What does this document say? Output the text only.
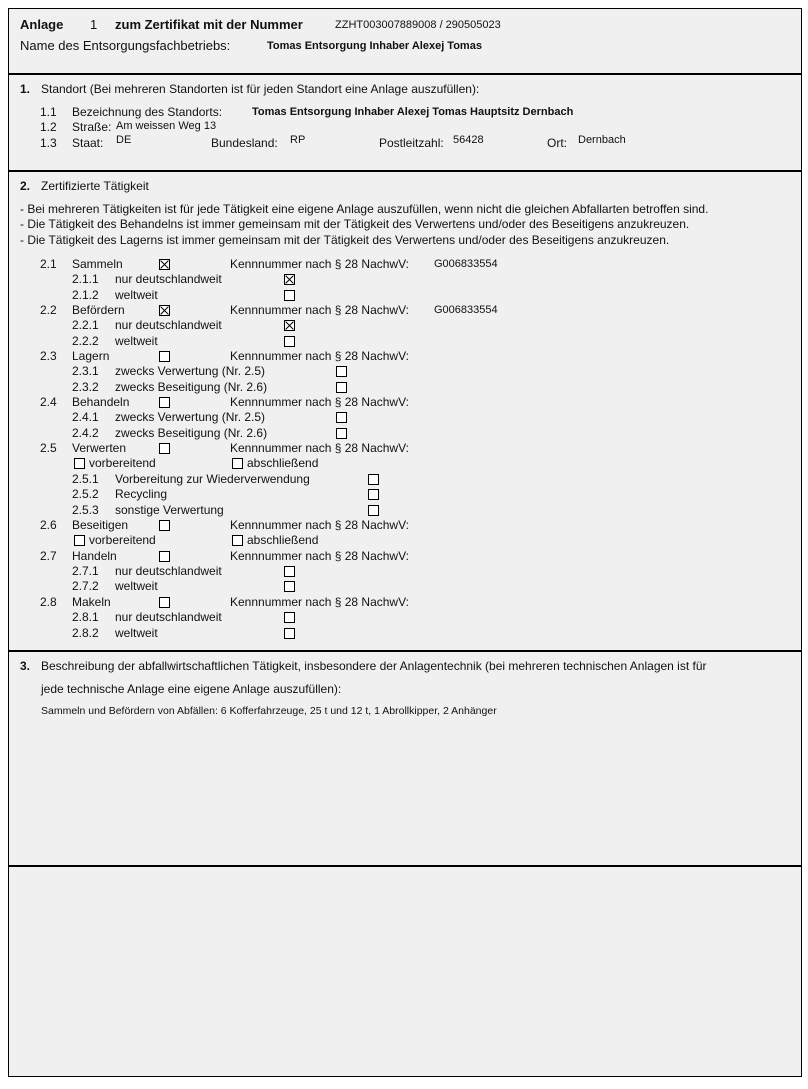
Anlage 1 zum Zertifikat mit der Nummer	ZZHT003007889008 / 290505023
Name des Entsorgungsfachbetriebs:	Tomas Entsorgung Inhaber Alexej Tomas
1. Standort (Bei mehreren Standorten ist für jeden Standort eine Anlage auszufüllen):
1.1 Bezeichnung des Standorts:	Tomas Entsorgung Inhaber Alexej Tomas Hauptsitz Dernbach
1.2 Straße: Am weissen Weg 13
1.3 Staat: DE	Bundesland: RP	Postleitzahl: 56428	Ort: Dernbach
2. Zertifizierte Tätigkeit
- Bei mehreren Tätigkeiten ist für jede Tätigkeit eine eigene Anlage auszufüllen, wenn nicht die gleichen Abfallarten betroffen sind.
- Die Tätigkeit des Behandelns ist immer gemeinsam mit der Tätigkeit des Verwertens und/oder des Beseitigens anzukreuzen.
- Die Tätigkeit des Lagerns ist immer gemeinsam mit der Tätigkeit des Verwertens und/oder des Beseitigens anzukreuzen.
2.1 Sammeln	Kennnummer nach § 28 NachwV: G006833554
2.1.1 nur deutschlandweit
2.1.2 weltweit
2.2 Befördern	Kennnummer nach § 28 NachwV: G006833554
2.2.1 nur deutschlandweit
2.2.2 weltweit
2.3 Lagern	Kennnummer nach § 28 NachwV:
2.3.1 zwecks Verwertung (Nr. 2.5)
2.3.2 zwecks Beseitigung (Nr. 2.6)
2.4 Behandeln	Kennnummer nach § 28 NachwV:
2.4.1 zwecks Verwertung (Nr. 2.5)
2.4.2 zwecks Beseitigung (Nr. 2.6)
2.5 Verwerten	Kennnummer nach § 28 NachwV:
vorbereitend	abschließend
2.5.1 Vorbereitung zur Wiederverwendung
2.5.2 Recycling
2.5.3 sonstige Verwertung
2.6 Beseitigen	Kennnummer nach § 28 NachwV:
vorbereitend	abschließend
2.7 Handeln	Kennnummer nach § 28 NachwV:
2.7.1 nur deutschlandweit
2.7.2 weltweit
2.8 Makeln	Kennnummer nach § 28 NachwV:
2.8.1 nur deutschlandweit
2.8.2 weltweit
3. Beschreibung der abfallwirtschaftlichen Tätigkeit, insbesondere der Anlagentechnik (bei mehreren technischen Anlagen ist für
jede technische Anlage eine eigene Anlage auszufüllen):
Sammeln und Befördern von Abfällen: 6 Kofferfahrzeuge, 25 t und 12 t, 1 Abrollkipper, 2 Anhänger
